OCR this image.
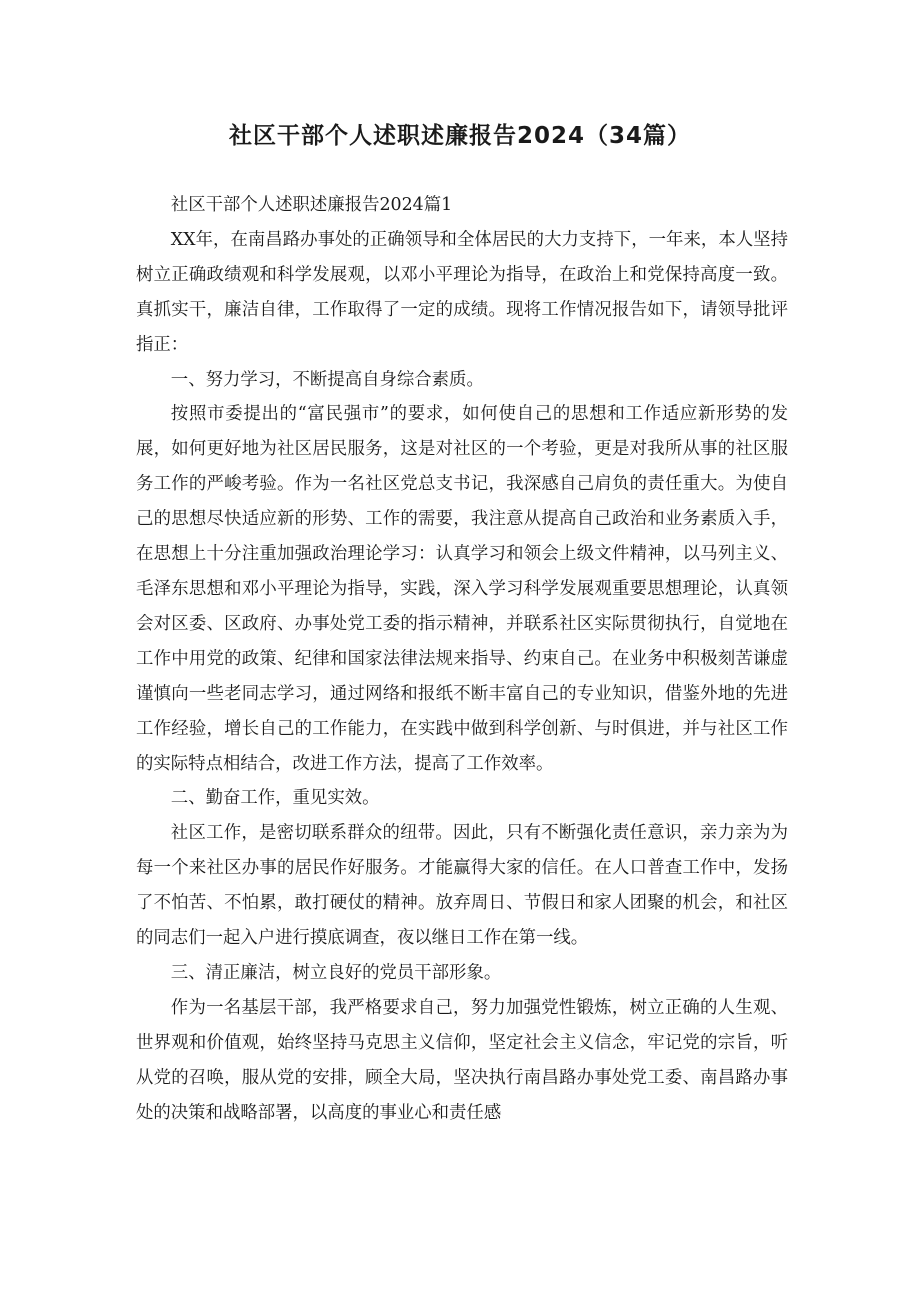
社区干部个人述职述廉报告2024（34篇）

社区干部个人述职述廉报告2024篇1

XX年，在南昌路办事处的正确领导和全体居民的大力支持下，一年来，本人坚持树立正确政绩观和科学发展观，以邓小平理论为指导，在政治上和党保持高度一致。真抓实干，廉洁自律，工作取得了一定的成绩。现将工作情况报告如下，请领导批评指正：

一、努力学习，不断提高自身综合素质。

按照市委提出的“富民强市”的要求，如何使自己的思想和工作适应新形势的发展，如何更好地为社区居民服务，这是对社区的一个考验，更是对我所从事的社区服务工作的严峻考验。作为一名社区党总支书记，我深感自己肩负的责任重大。为使自己的思想尽快适应新的形势、工作的需要，我注意从提高自己政治和业务素质入手，在思想上十分注重加强政治理论学习：认真学习和领会上级文件精神，以马列主义、毛泽东思想和邓小平理论为指导，实践，深入学习科学发展观重要思想理论，认真领会对区委、区政府、办事处党工委的指示精神，并联系社区实际贯彻执行，自觉地在工作中用党的政策、纪律和国家法律法规来指导、约束自己。在业务中积极刻苦谦虚谨慎向一些老同志学习，通过网络和报纸不断丰富自己的专业知识，借鉴外地的先进工作经验，增长自己的工作能力，在实践中做到科学创新、与时俱进，并与社区工作的实际特点相结合，改进工作方法，提高了工作效率。

二、勤奋工作，重见实效。

社区工作，是密切联系群众的纽带。因此，只有不断强化责任意识，亲力亲为为每一个来社区办事的居民作好服务。才能赢得大家的信任。在人口普查工作中，发扬了不怕苦、不怕累，敢打硬仗的精神。放弃周日、节假日和家人团聚的机会，和社区的同志们一起入户进行摸底调查，夜以继日工作在第一线。

三、清正廉洁，树立良好的党员干部形象。

作为一名基层干部，我严格要求自己，努力加强党性锻炼，树立正确的人生观、世界观和价值观，始终坚持马克思主义信仰，坚定社会主义信念，牢记党的宗旨，听从党的召唤，服从党的安排，顾全大局，坚决执行南昌路办事处党工委、南昌路办事处的决策和战略部署，以高度的事业心和责任感
